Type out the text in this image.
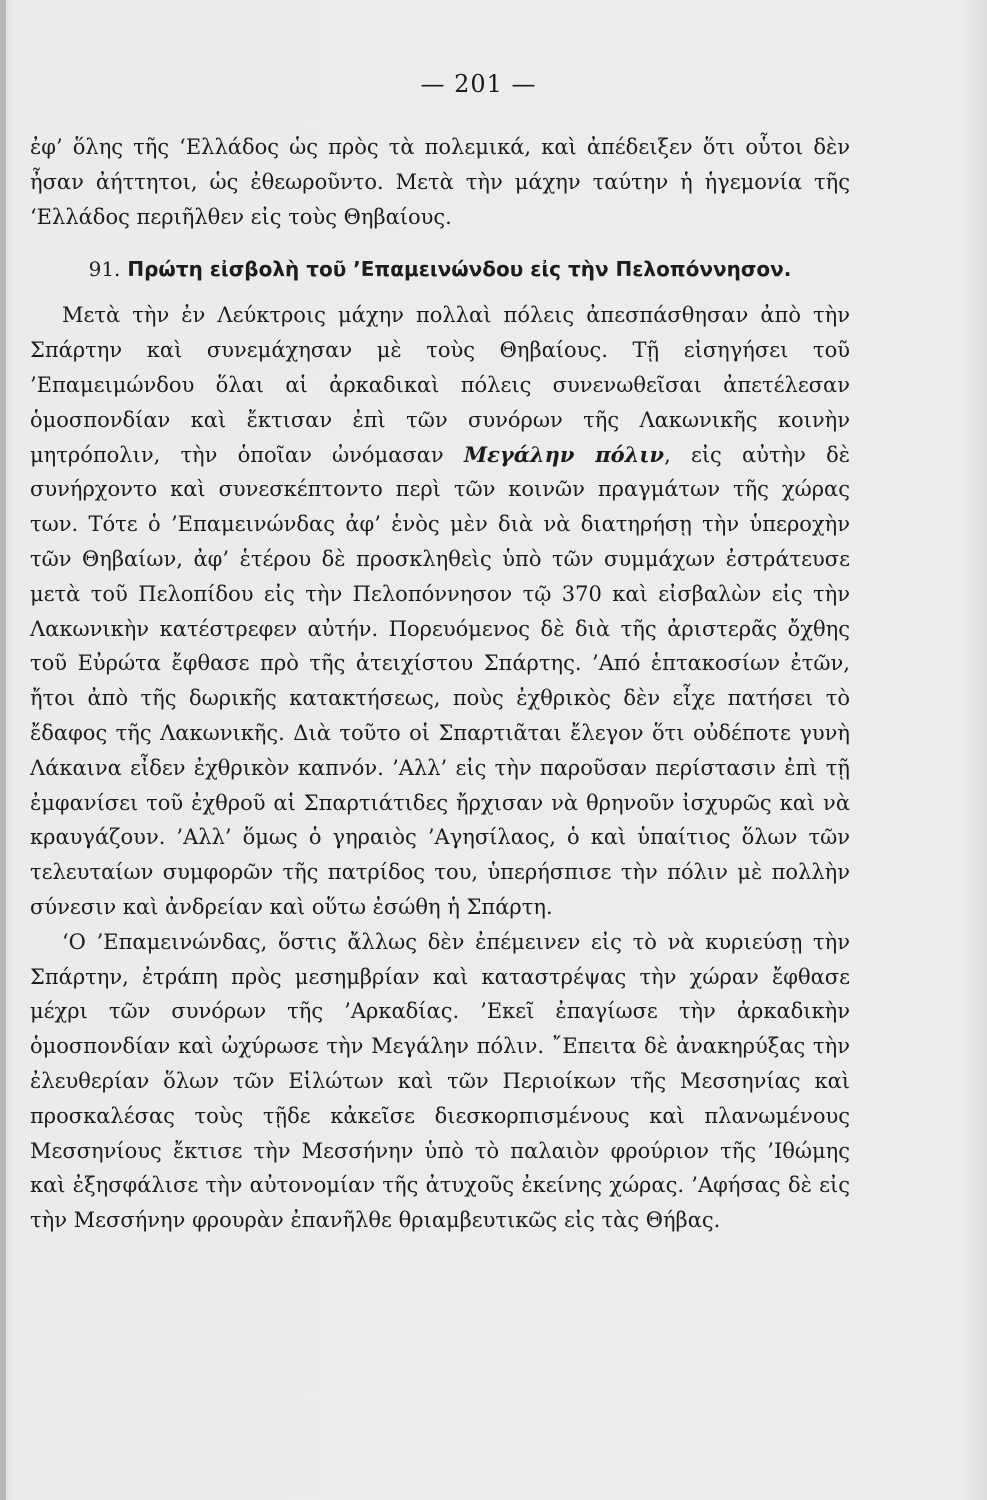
— 201 —

ἐφ’ ὅλης τῆς ‘Ελλάδος ὡς πρὸς τὰ πολεμικά, καὶ ἀπέδειξεν ὅτι οὗτοι δὲν ἦσαν ἀήττητοι, ὡς ἐθεωροῦντο. Μετὰ τὴν μάχην ταύτην ἡ ἡγεμονία τῆς ‘Ελλάδος περιῆλθεν εἰς τοὺς Θηβαίους.

91. Πρώτη εἰσβολὴ τοῦ ’Επαμεινώνδου εἰς τὴν Πελοπόννησον.

Μετὰ τὴν ἐν Λεύκτροις μάχην πολλαὶ πόλεις ἀπεσπάσθησαν ἀπὸ τὴν Σπάρτην καὶ συνεμάχησαν μὲ τοὺς Θηβαίους. Τῇ εἰσηγήσει τοῦ ’Επαμειμώνδου ὅλαι αἱ ἀρκαδικαὶ πόλεις συνενωθεῖσαι ἀπετέλεσαν ὁμοσπονδίαν καὶ ἔκτισαν ἐπὶ τῶν συνόρων τῆς Λακωνικῆς κοινὴν μητρόπολιν, τὴν ὁποῖαν ὠνόμασαν Μεγάλην πόλιν, εἰς αὐτὴν δὲ συνήρχοντο καὶ συνεσκέπτοντο περὶ τῶν κοινῶν πραγμάτων τῆς χώρας των. Τότε ὁ ’Επαμεινώνδας ἀφ’ ἑνὸς μὲν διὰ νὰ διατηρήσῃ τὴν ὑπεροχὴν τῶν Θηβαίων, ἀφ’ ἑτέρου δὲ προσκληθεὶς ὑπὸ τῶν συμμάχων ἐστράτευσε μετὰ τοῦ Πελοπίδου εἰς τὴν Πελοπόννησον τῷ 370 καὶ εἰσβαλὼν εἰς τὴν Λακωνικὴν κατέστρεφεν αὐτήν. Πορευόμενος δὲ διὰ τῆς ἀριστερᾶς ὄχθης τοῦ Εὐρώτα ἔφθασε πρὸ τῆς ἀτειχίστου Σπάρτης. ’Από ἑπτακοσίων ἐτῶν, ἤτοι ἀπὸ τῆς δωρικῆς κατακτήσεως, ποὺς ἐχθρικὸς δὲν εἶχε πατήσει τὸ ἔδαφος τῆς Λακωνικῆς. Διὰ τοῦτο οἱ Σπαρτιᾶται ἔλεγον ὅτι οὐδέποτε γυνὴ Λάκαινα εἶδεν ἐχθρικὸν καπνόν. ’Αλλ’ εἰς τὴν παροῦσαν περίστασιν ἐπὶ τῇ ἐμφανίσει τοῦ ἐχθροῦ αἱ Σπαρτιάτιδες ἤρχισαν νὰ θρηνοῦν ἰσχυρῶς καὶ νὰ κραυγάζουν. ’Αλλ’ ὅμως ὁ γηραιὸς ’Αγησίλαος, ὁ καὶ ὑπαίτιος ὅλων τῶν τελευταίων συμφορῶν τῆς πατρίδος του, ὑπερήσπισε τὴν πόλιν μὲ πολλὴν σύνεσιν καὶ ἀνδρείαν καὶ οὕτω ἐσώθη ἡ Σπάρτη.

‘Ο ’Επαμεινώνδας, ὅστις ἄλλως δὲν ἐπέμεινεν εἰς τὸ νὰ κυριεύσῃ τὴν Σπάρτην, ἐτράπη πρὸς μεσημβρίαν καὶ καταστρέψας τὴν χώραν ἔφθασε μέχρι τῶν συνόρων τῆς ’Αρκαδίας. ’Εκεῖ ἐπαγίωσε τὴν ἀρκαδικὴν ὁμοσπονδίαν καὶ ὠχύρωσε τὴν Μεγάλην πόλιν. ῎Επειτα δὲ ἀνακηρύξας τὴν ἐλευθερίαν ὅλων τῶν Εἱλώτων καὶ τῶν Περιοίκων τῆς Μεσσηνίας καὶ προσκαλέσας τοὺς τῇδε κἀκεῖσε διεσκορπισμένους καὶ πλανωμένους Μεσσηνίους ἔκτισε τὴν Μεσσήνην ὑπὸ τὸ παλαιὸν φρούριον τῆς ’Ιθώμης καὶ ἐξησφάλισε τὴν αὐτονομίαν τῆς ἀτυχοῦς ἐκείνης χώρας. ’Αφήσας δὲ εἰς τὴν Μεσσήνην φρουρὰν ἐπανῆλθε θριαμβευτικῶς εἰς τὰς Θήβας.
